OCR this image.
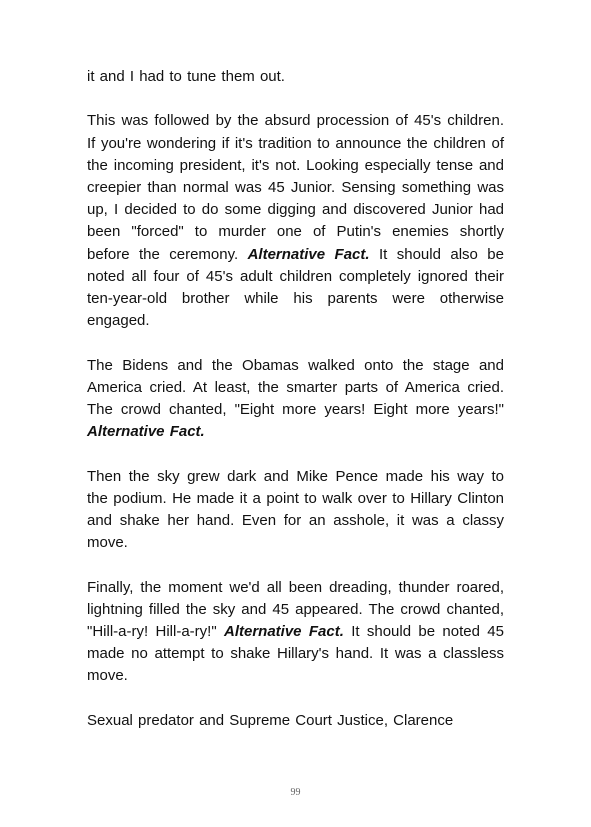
it and I had to tune them out.

This was followed by the absurd procession of 45's children. If you're wondering if it's tradition to announce the children of the incoming president, it's not. Looking especially tense and creepier than normal was 45 Junior. Sensing something was up, I decided to do some digging and discovered Junior had been "forced" to murder one of Putin's enemies shortly before the ceremony. Alternative Fact. It should also be noted all four of 45's adult children completely ignored their ten-year-old brother while his parents were otherwise engaged.

The Bidens and the Obamas walked onto the stage and America cried. At least, the smarter parts of America cried. The crowd chanted, "Eight more years! Eight more years!" Alternative Fact.

Then the sky grew dark and Mike Pence made his way to the podium. He made it a point to walk over to Hillary Clinton and shake her hand. Even for an asshole, it was a classy move.

Finally, the moment we'd all been dreading, thunder roared, lightning filled the sky and 45 appeared. The crowd chanted, "Hill-a-ry! Hill-a-ry!" Alternative Fact. It should be noted 45 made no attempt to shake Hillary's hand. It was a classless move.

Sexual predator and Supreme Court Justice, Clarence

99
